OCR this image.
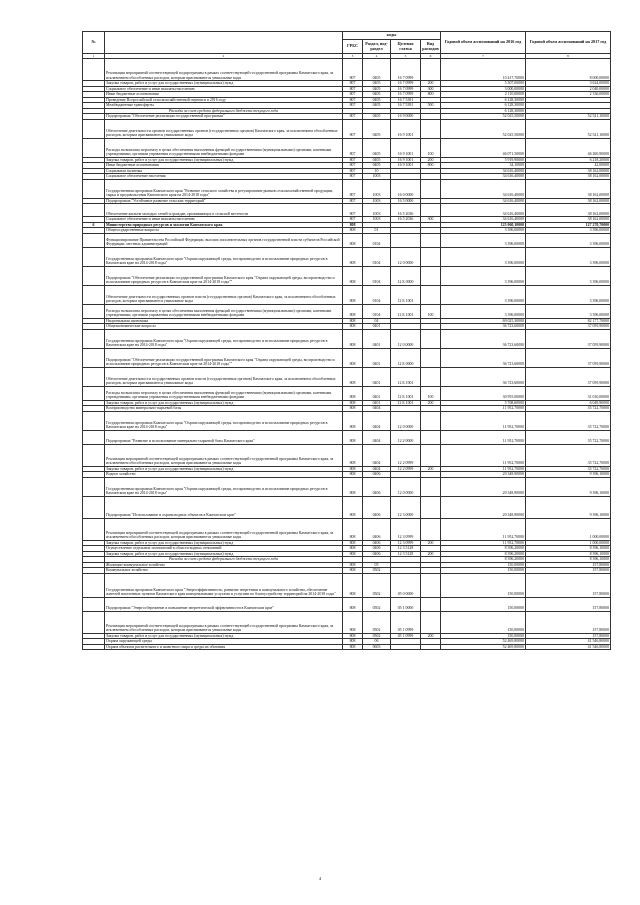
№		коды				Годовой объем ассигнований на 2016 год	Годовой объем ассигнований на 2017 год
		ГРБС	Раздел, под-раздел	Целевая статья	Вид расходов		
1	2	3	4	5	6	7	8
	Реализация мероприятий соответствующей подпрограммы в рамках соответствующей государственной программы Камчатского края, за исключением обособленных расходов, которым присваиваются уникальные коды	807	0405	16 7 0999		10 417,70000	8 000,00000
	Закупка товаров, работ и услуг для государственных (муниципальных) нужд	807	0405	16 7 0999	200	5 307,00000	3 624,00000
	Социальное обеспечение и иные выплаты населению	807	0405	16 7 0999	300	3 000,00000	2 040,00000
	Иные бюджетные ассигнования	807	0405	16 7 0999	800	2 110,00000	2 336,00000
	Проведение Всероссийской сельскохозяйственной переписи в 2016 году	807	0405	16 7 5391		6 128,30000	
	Межбюджетные трансферты	807	0405	16 7 5391	500	6 128,30000	
	Расходы за счет средств федерального бюджета текущего года					6 128,30000	
	Подпрограмма "Обеспечение реализации государственной программы"	807	0405	16 9 0000		52 025,50000	52 521,10000
	Обеспечение деятельности органов государственных органов (государственных органов) Камчатского края, за исключением обособленных расходов, которым присваиваются уникальные коды	807	0405	16 9 1001		52 025,50000	52 521,10000
	Расходы на выплаты персоналу в целях обеспечения выполнения функций государственными (муниципальными) органами, казенными учреждениями, органами управления государственными внебюджетными фондами	807	0405	16 9 1001	100	46 071,50000	46 260,90000
	Закупка товаров, работ и услуг для государственных (муниципальных) нужд	807	0405	16 9 1001	200	5 919,90000	6 218,20000
	Иные бюджетные ассигнования	807	0405	16 9 1001	800	34,10000	42,00000
	Социальная политика	807	10			34 616,40000	38 162,00000
	Социальное обеспечение населения	807	1003			34 616,40000	38 162,00000
	Государственная программа Камчатского края "Развитие сельского хозяйства и регулирование рынков сельскохозяйственной продукции, сырья и продовольствия Камчатского края на 2014-2018 годы"	807	1003	16 0 0000		34 616,40000	38 162,00000
	Подпрограмма "Устойчивое развитие сельских территорий"	807	1003	16 5 0000		34 616,40000	38 162,00000
	Обеспечение жильем молодых семей и граждан, проживающих в сельской местности	807	1003	16 5 2036		34 616,40000	38 162,00000
	Социальное обеспечение и иные выплаты населению	807	1003	16 5 2036	300	34 616,40000	38 162,00000
6	Министерство природных ресурсов и экологии Камчатского края	808				125 060,10000	127 270,70000
	Общегосударственные вопросы	808	01			3 396,00000	3 396,00000
	Функционирование Правительства Российской Федерации, высших исполнительных органов государственной власти субъектов Российской Федерации, местных администраций	808	0104			3 396,00000	3 396,00000
	Государственная программа Камчатского края "Охрана окружающей среды, воспроизводство и использование природных ресурсов в Камчатском крае на 2014-2018 годы"	808	0104	12 0 0000		3 396,00000	3 396,00000
	Подпрограмма "Обеспечение реализации государственной программы Камчатского края "Охрана окружающей среды, воспроизводство и использование природных ресурсов в Камчатском крае на 2014-2018 годы""	808	0104	12 Б 0000		3 396,00000	3 396,00000
	Обеспечение деятельности государственных органов власти (государственных органов) Камчатского края, за исключением обособленных расходов, которым присваиваются уникальные коды	808	0104	12 Б 1001		3 396,00000	3 396,00000
	Расходы на выплаты персоналу в целях обеспечения выполнения функций государственными (муниципальными) органами, казенными учреждениями, органами управления государственными внебюджетными фондами	808	0104	12 Б 1001	100	3 396,00000	3 396,00000
	Национальная экономика	808	04			69 025,30000	82 177,70000
	Общеэкономические вопросы	808	0401			36 723,60000	37 059,90000
	Государственная программа Камчатского края "Охрана окружающей среды, воспроизводство и использование природных ресурсов в Камчатском крае на 2014-2018 годы"	808	0401	12 0 0000		36 723,60000	37 059,90000
	Подпрограмма "Обеспечение реализации государственной программы Камчатского края "Охрана окружающей среды, воспроизводство и использование природных ресурсов в Камчатском крае на 2014-2018 годы""	808	0401	12 Б 0000		36 723,60000	37 059,90000
	Обеспечение деятельности государственных органов власти (государственных органов) Камчатского края, за исключением обособленных расходов, которым присваиваются уникальные коды	808	0401	12 Б 1001		36 723,60000	37 059,90000
	Расходы на выплаты персоналу в целях обеспечения выполнения функций государственными (муниципальными) органами, казенными учреждениями, органами управления государственными внебюджетными фондами	808	0401	12 Б 1001	100	30 955,00000	31 010,00000
	Закупка товаров, работ и услуг для государственных (муниципальных) нужд	808	0401	12 Б 1001	200	5 768,60000	6 049,90000
	Воспроизводство минерально-сырьевой базы	808	0404			11 952,70000	35 722,70000
	Государственная программа Камчатского края "Охрана окружающей среды, воспроизводство и использование природных ресурсов в Камчатском крае на 2014-2018 годы"	808	0404	12 0 0000		11 952,70000	35 722,70000
	Подпрограмма "Развитие и использование минерально-сырьевой базы Камчатского края"	808	0404	12 2 0000		11 952,70000	35 722,70000
	Реализация мероприятий соответствующей подпрограммы в рамках соответствующей государственной программы Камчатского края, за исключением обособленных расходов, которым присваиваются уникальные коды	808	0404	12 2 0999		11 952,70000	35 722,70000
	Закупка товаров, работ и услуг для государственных (муниципальных) нужд	808	0404	12 2 0999	200	11 952,70000	35 722,70000
	Водное хозяйство	808	0406			20 348,90000	9 396,10000
	Государственная программа Камчатского края "Охрана окружающей среды, воспроизводство и использование природных ресурсов в Камчатском крае на 2014-2018 годы"	808	0406	12 0 0000		20 348,90000	9 396,10000
	Подпрограмма "Использование и охрана водных объектов в Камчатском крае"	808	0406	12 3 0000		20 348,90000	9 396,10000
	Реализация мероприятий соответствующей подпрограммы в рамках соответствующей государственной программы Камчатского края, за исключением обособленных расходов, которым присваиваются уникальные коды	808	0406	12 3 0999		11 952,70000	1 000,00000
	Закупка товаров, работ и услуг для государственных (муниципальных) нужд	808	0406	12 3 0999	200	11 952,70000	1 000,00000
	Осуществление отдельных полномочий в области водных отношений	808	0406	12 3 5128		8 396,20000	8 396,10000
	Закупка товаров, работ и услуг для государственных (муниципальных) нужд	808	0406	12 3 5128	200	8 396,20000	8 396,10000
	Расходы за счет средств федерального бюджета текущего года					8 396,20000	8 396,10000
	Жилищно-коммунальное хозяйство	808	05			150,00000	157,80000
	Коммунальное хозяйство	808	0502			150,00000	157,80000
	Государственная программа Камчатского края "Энергоэффективность, развитие энергетики и коммунального хозяйства, обеспечение жителей населенных пунктов Камчатского края коммунальными услугами и услугами по благоустройству территорий на 2014-2018 годы"	808	0502	05 0 0000		150,00000	157,80000
	Подпрограмма "Энергосбережение и повышение энергетической эффективности в Камчатском крае"	808	0502	05 1 0000		150,00000	157,80000
	Реализация мероприятий соответствующей подпрограммы в рамках соответствующей государственной программы Камчатского края, за исключением обособленных расходов, которым присваиваются уникальные коды	808	0502	05 1 0999		150,00000	157,80000
	Закупка товаров, работ и услуг для государственных (муниципальных) нужд	808	0502	05 1 0999	200	150,00000	157,80000
	Охрана окружающей среды	808	06			52 469,80000	41 546,80000
	Охрана объектов растительного и животного мира и среды их обитания	808	0603			52 469,80000	41 546,80000
4
